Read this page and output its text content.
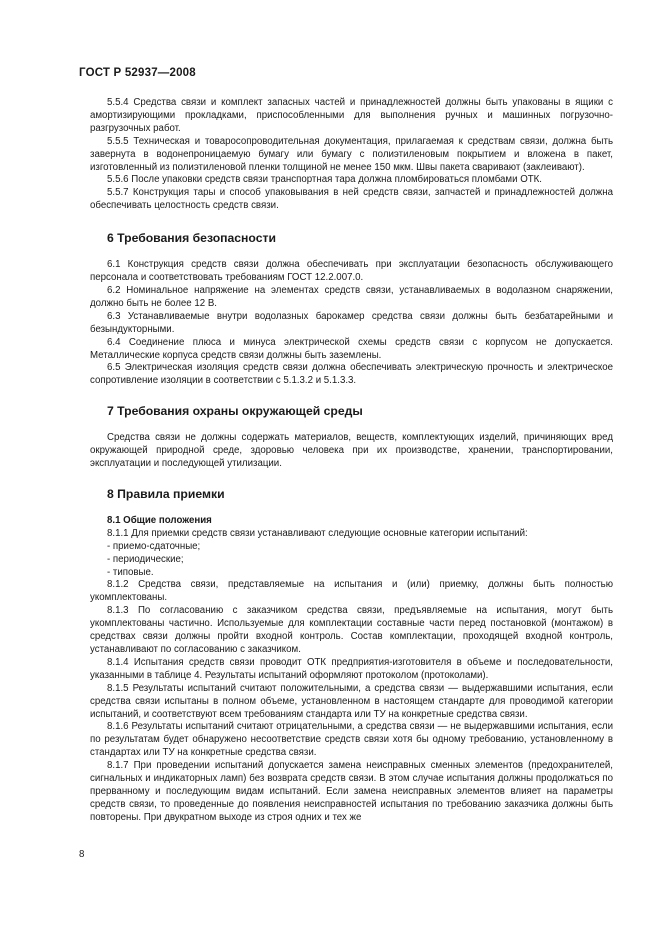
ГОСТ Р 52937—2008
5.5.4 Средства связи и комплект запасных частей и принадлежностей должны быть упакованы в ящики с амортизирующими прокладками, приспособленными для выполнения ручных и машинных погрузочно-разгрузочных работ.
5.5.5 Техническая и товаросопроводительная документация, прилагаемая к средствам связи, должна быть завернута в водонепроницаемую бумагу или бумагу с полиэтиленовым покрытием и вложена в пакет, изготовленный из полиэтиленовой пленки толщиной не менее 150 мкм. Швы пакета сваривают (заклеивают).
5.5.6 После упаковки средств связи транспортная тара должна пломбироваться пломбами ОТК.
5.5.7 Конструкция тары и способ упаковывания в ней средств связи, запчастей и принадлежностей должна обеспечивать целостность средств связи.
6 Требования безопасности
6.1 Конструкция средств связи должна обеспечивать при эксплуатации безопасность обслуживающего персонала и соответствовать требованиям ГОСТ 12.2.007.0.
6.2 Номинальное напряжение на элементах средств связи, устанавливаемых в водолазном снаряжении, должно быть не более 12 В.
6.3 Устанавливаемые внутри водолазных барокамер средства связи должны быть безбатарейными и безындукторными.
6.4 Соединение плюса и минуса электрической схемы средств связи с корпусом не допускается. Металлические корпуса средств связи должны быть заземлены.
6.5 Электрическая изоляция средств связи должна обеспечивать электрическую прочность и электрическое сопротивление изоляции в соответствии с 5.1.3.2 и 5.1.3.3.
7 Требования охраны окружающей среды
Средства связи не должны содержать материалов, веществ, комплектующих изделий, причиняющих вред окружающей природной среде, здоровью человека при их производстве, хранении, транспортировании, эксплуатации и последующей утилизации.
8 Правила приемки
8.1 Общие положения
8.1.1 Для приемки средств связи устанавливают следующие основные категории испытаний:
- приемо-сдаточные;
- периодические;
- типовые.
8.1.2 Средства связи, представляемые на испытания и (или) приемку, должны быть полностью укомплектованы.
8.1.3 По согласованию с заказчиком средства связи, предъявляемые на испытания, могут быть укомплектованы частично. Используемые для комплектации составные части перед постановкой (монтажом) в средствах связи должны пройти входной контроль. Состав комплектации, проходящей входной контроль, устанавливают по согласованию с заказчиком.
8.1.4 Испытания средств связи проводит ОТК предприятия-изготовителя в объеме и последовательности, указанными в таблице 4. Результаты испытаний оформляют протоколом (протоколами).
8.1.5 Результаты испытаний считают положительными, а средства связи — выдержавшими испытания, если средства связи испытаны в полном объеме, установленном в настоящем стандарте для проводимой категории испытаний, и соответствуют всем требованиям стандарта или ТУ на конкретные средства связи.
8.1.6 Результаты испытаний считают отрицательными, а средства связи — не выдержавшими испытания, если по результатам будет обнаружено несоответствие средств связи хотя бы одному требованию, установленному в стандартах или ТУ на конкретные средства связи.
8.1.7 При проведении испытаний допускается замена неисправных сменных элементов (предохранителей, сигнальных и индикаторных ламп) без возврата средств связи. В этом случае испытания должны продолжаться по прерванному и последующим видам испытаний. Если замена неисправных элементов влияет на параметры средств связи, то проведенные до появления неисправностей испытания по требованию заказчика должны быть повторены. При двукратном выходе из строя одних и тех же
8
